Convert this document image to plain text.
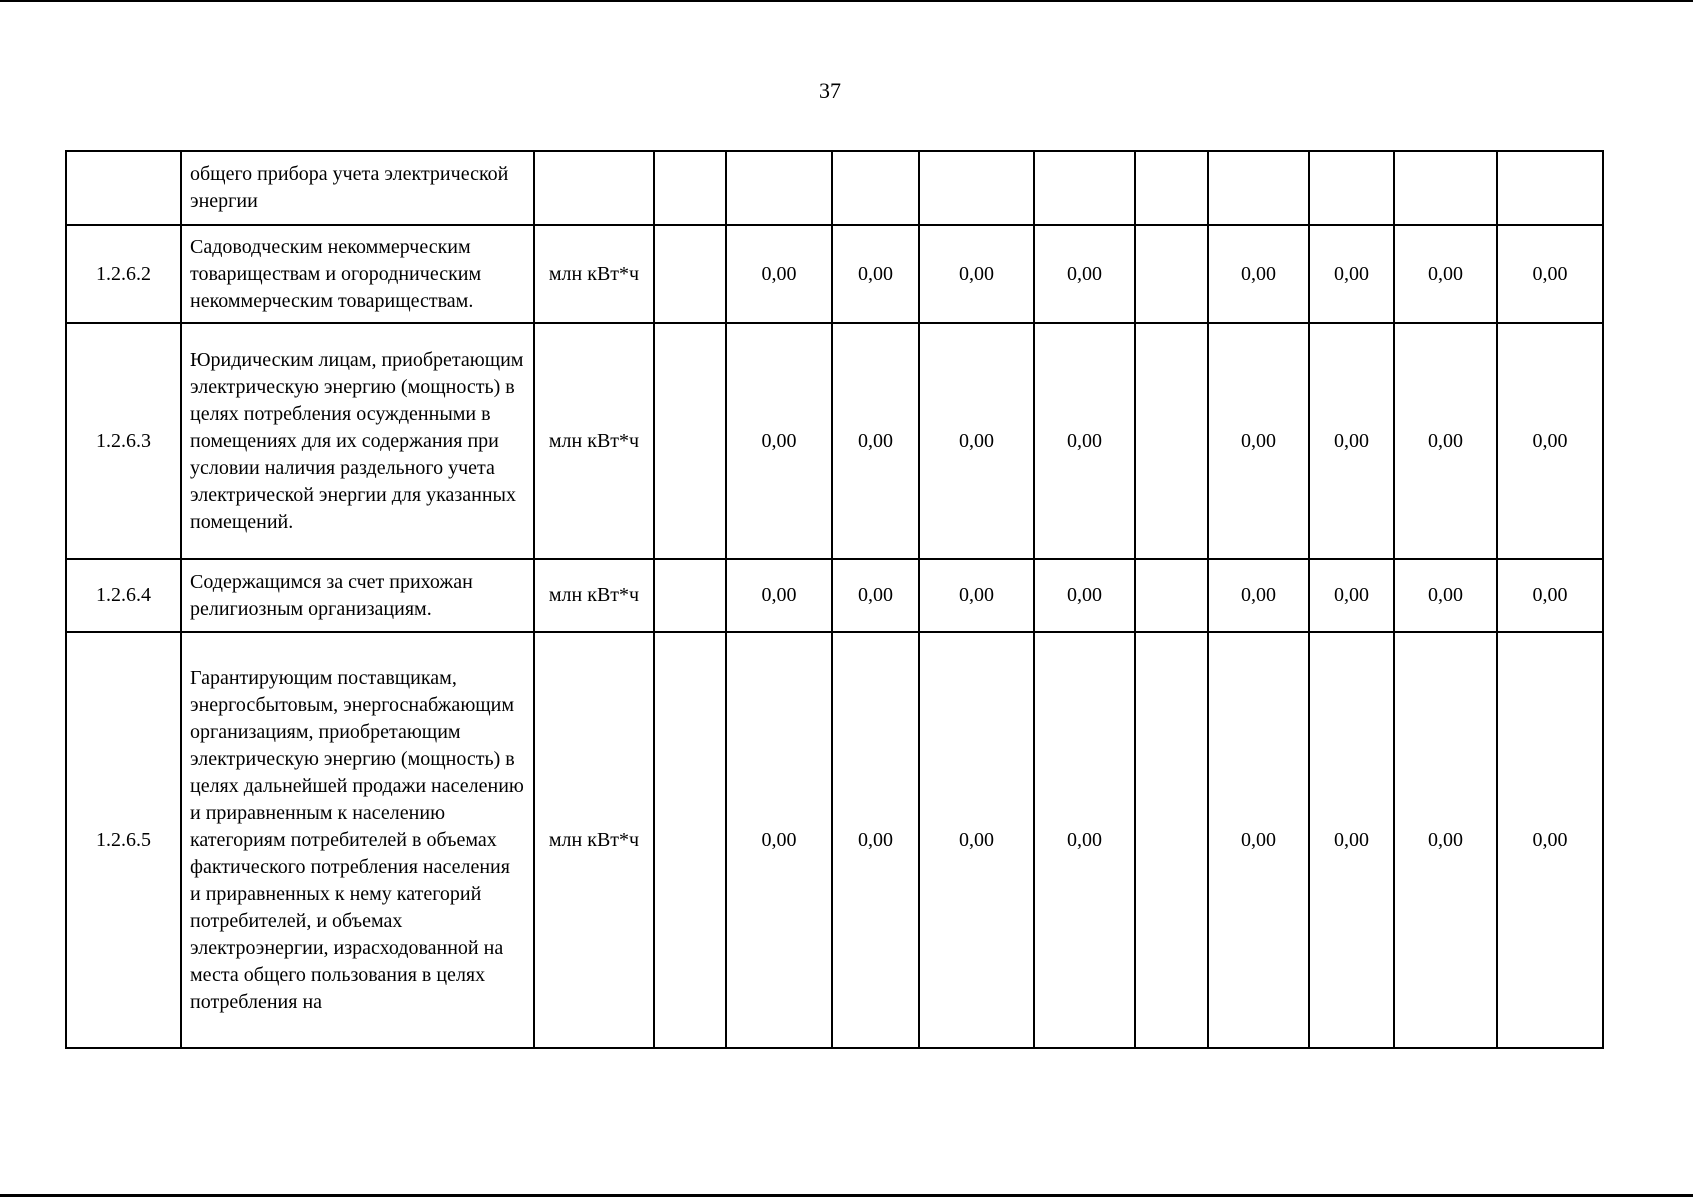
37
	общего прибора учета электрической энергии											
1.2.6.2	Садоводческим некоммерческим товариществам и огородническим некоммерческим товариществам.	млн кВт*ч		0,00	0,00	0,00	0,00		0,00	0,00	0,00	0,00
1.2.6.3	Юридическим лицам, приобретающим электрическую энергию (мощность) в целях потребления осужденными в помещениях для их содержания при условии наличия раздельного учета электрической энергии для указанных помещений.	млн кВт*ч		0,00	0,00	0,00	0,00		0,00	0,00	0,00	0,00
1.2.6.4	Содержащимся за счет прихожан религиозным организациям.	млн кВт*ч		0,00	0,00	0,00	0,00		0,00	0,00	0,00	0,00
1.2.6.5	Гарантирующим поставщикам, энергосбытовым, энергоснабжающим организациям, приобретающим электрическую энергию (мощность) в целях дальнейшей продажи населению и приравненным к населению категориям потребителей в объемах фактического потребления населения и приравненных к нему категорий потребителей, и объемах электроэнергии, израсходованной на места общего пользования в целях потребления на	млн кВт*ч		0,00	0,00	0,00	0,00		0,00	0,00	0,00	0,00
